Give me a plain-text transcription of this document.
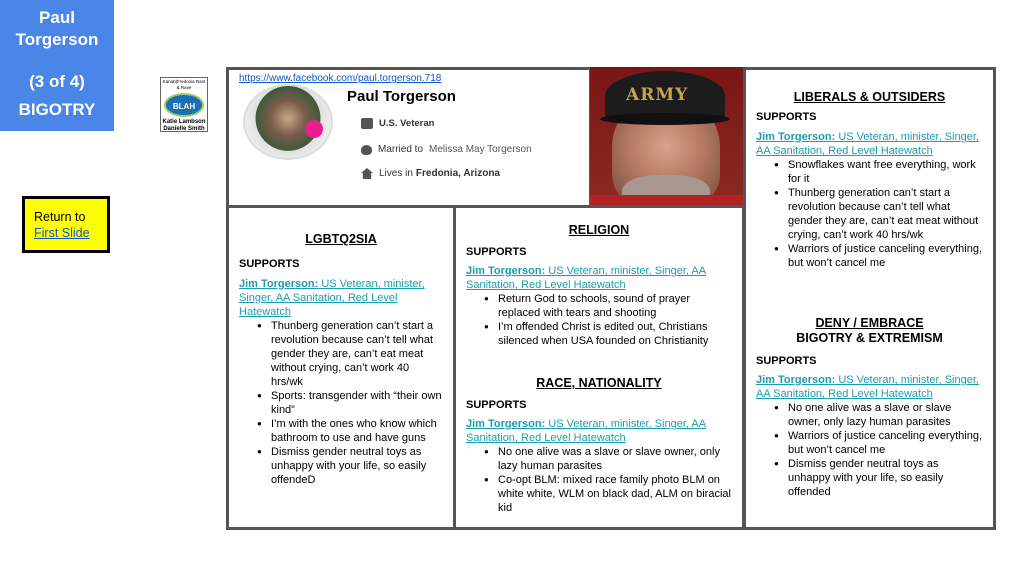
Paul
Torgerson
(3 of 4)
BIGOTRY
Return to
First Slide
Kanab|Fredonia Rant & Rave
BLAH
Katie Lambson
Danielle Smith
https://www.facebook.com/paul.torgerson.718
Paul Torgerson
U.S. Veteran
Married to Melissa May Torgerson
Lives in Fredonia, Arizona
ARMY
LGBTQ2SIA
SUPPORTS
Jim Torgerson: US Veteran, minister, Singer, AA Sanitation, Red Level Hatewatch
● Thunberg generation can’t start a revolution because can’t tell what gender they are, can’t eat meat without crying, can’t work 40 hrs/wk
● Sports: transgender with “their own kind”
● I’m with the ones who know which bathroom to use and have guns
● Dismiss gender neutral toys as unhappy with your life, so easily offendeD
RELIGION
SUPPORTS
Jim Torgerson: US Veteran, minister, Singer, AA Sanitation, Red Level Hatewatch
● Return God to schools, sound of prayer replaced with tears and shooting
● I’m offended Christ is edited out, Christians silenced when USA founded on Christianity
RACE, NATIONALITY
SUPPORTS
Jim Torgerson: US Veteran, minister, Singer, AA Sanitation, Red Level Hatewatch
● No one alive was a slave or slave owner, only lazy human parasites
● Co-opt BLM: mixed race family photo BLM on white white, WLM on black dad, ALM on biracial kid
LIBERALS & OUTSIDERS
SUPPORTS
Jim Torgerson: US Veteran, minister, Singer, AA Sanitation, Red Level Hatewatch
● Snowflakes want free everything, work for it
● Thunberg generation can’t start a revolution because can’t tell what gender they are, can’t eat meat without crying, can’t work 40 hrs/wk
● Warriors of justice canceling everything, but won’t cancel me
DENY / EMBRACE
BIGOTRY & EXTREMISM
SUPPORTS
Jim Torgerson: US Veteran, minister, Singer, AA Sanitation, Red Level Hatewatch
● No one alive was a slave or slave owner, only lazy human parasites
● Warriors of justice canceling everything, but won’t cancel me
● Dismiss gender neutral toys as unhappy with your life, so easily offended
